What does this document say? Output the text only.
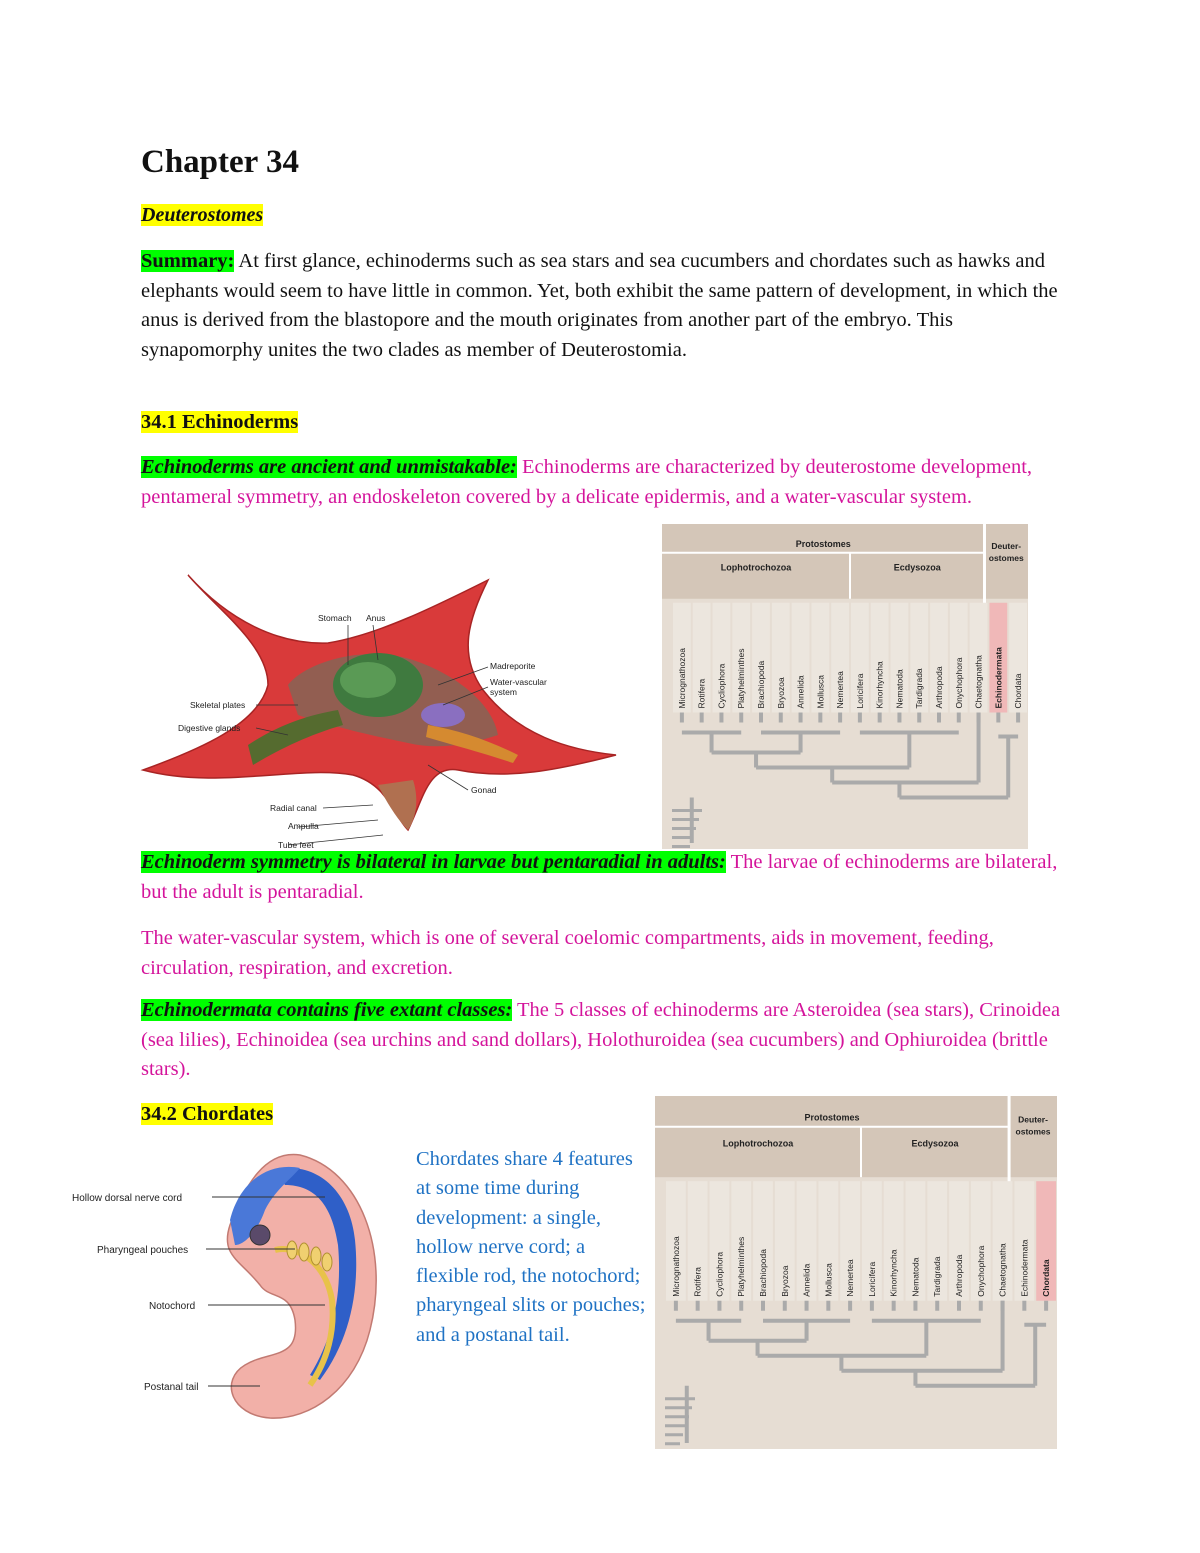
Chapter 34
Deuterostomes
Summary: At first glance, echinoderms such as sea stars and sea cucumbers and chordates such as hawks and elephants would seem to have little in common. Yet, both exhibit the same pattern of development, in which the anus is derived from the blastopore and the mouth originates from another part of the embryo. This synapomorphy unites the two clades as member of Deuterostomia.
34.1 Echinoderms
Echinoderms are ancient and unmistakable: Echinoderms are characterized by deuterostome development, pentameral symmetry, an endoskeleton covered by a delicate epidermis, and a water-vascular system.
Stomach Anus
Madreporite
Water-vascular
system
Skeletal plates
Digestive glands
Gonad
Radial canal
Ampulla
Tube feet
Protostomes
Lophotrochozoa	Ecdysozoa
Deuter-
ostomes
Micrognathozoa Rotifera Cycliophora Platyhelminthes Brachiopoda Bryozoa Annelida Mollusca Nemertea Loricifera Kinorhyncha Nematoda Tardigrada Arthropoda Onychophora Chaetognatha Echinodermata Chordata
Echinoderm symmetry is bilateral in larvae but pentaradial in adults: The larvae of echinoderms are bilateral, but the adult is pentaradial.
The water-vascular system, which is one of several coelomic compartments, aids in movement, feeding, circulation, respiration, and excretion.
Echinodermata contains five extant classes: The 5 classes of echinoderms are Asteroidea (sea stars), Crinoidea (sea lilies), Echinoidea (sea urchins and sand dollars), Holothuroidea (sea cucumbers) and Ophiuroidea (brittle stars).
34.2 Chordates
Hollow dorsal nerve cord
Pharyngeal pouches
Notochord
Postanal tail
Chordates share 4 features at some time during development: a single, hollow nerve cord; a flexible rod, the notochord; pharyngeal slits or pouches; and a postanal tail.
Protostomes
Lophotrochozoa	Ecdysozoa
Deuter-
ostomes
Micrognathozoa Rotifera Cycliophora Platyhelminthes Brachiopoda Bryozoa Annelida Mollusca Nemertea Loricifera Kinorhyncha Nematoda Tardigrada Arthropoda Onychophora Chaetognatha Echinodermata Chordata
